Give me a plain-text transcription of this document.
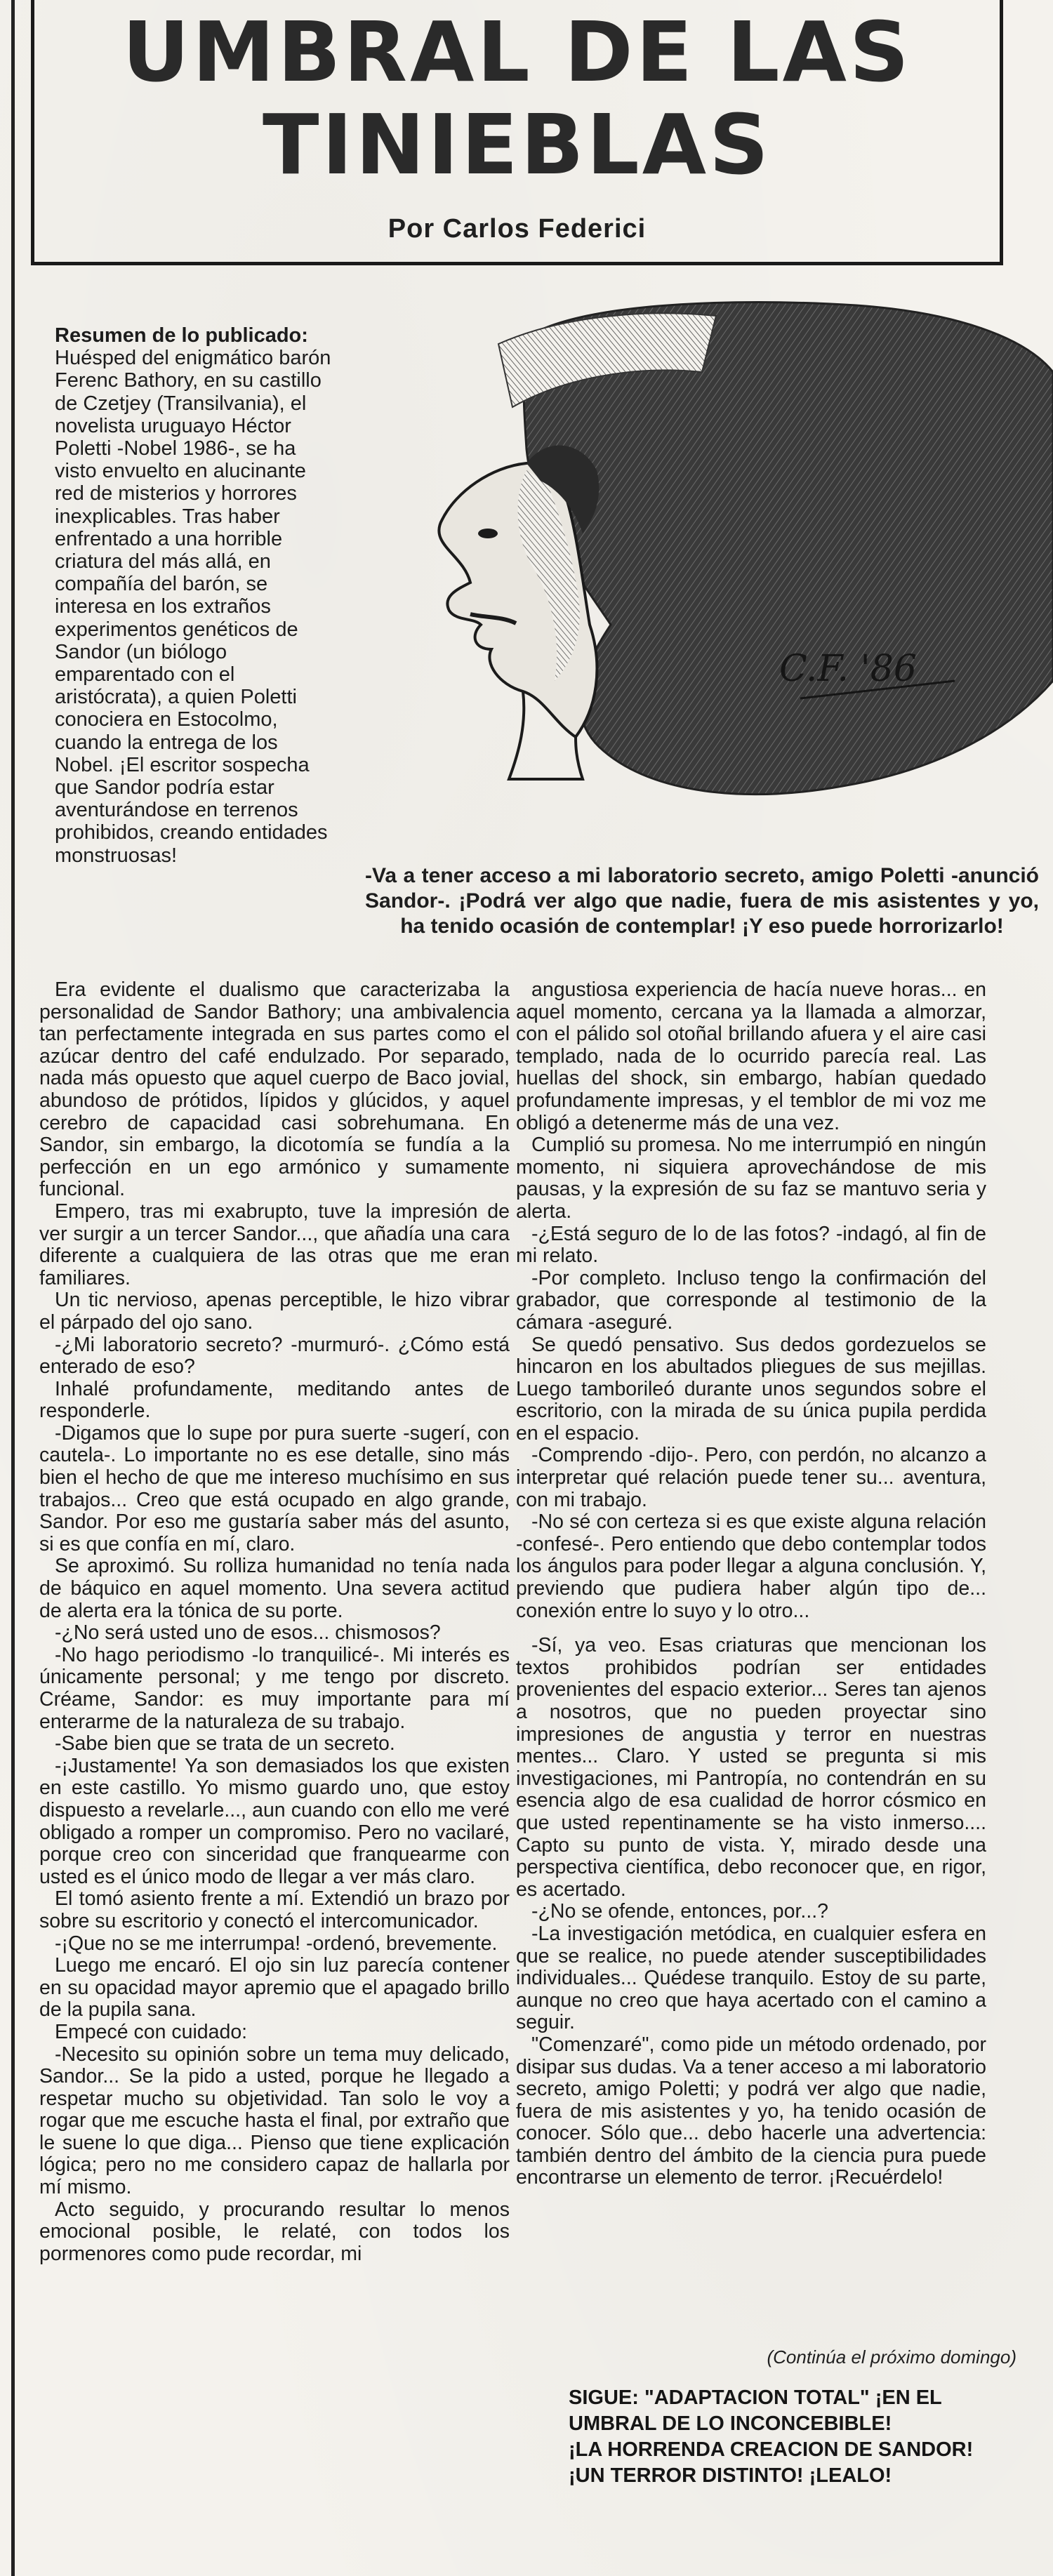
UMBRAL DE LAS TINIEBLAS

Por Carlos Federici

Resumen de lo publicado: Huésped del enigmático barón Ferenc Bathory, en su castillo de Czetjey (Transilvania), el novelista uruguayo Héctor Poletti -Nobel 1986-, se ha visto envuelto en alucinante red de misterios y horrores inexplicables. Tras haber enfrentado a una horrible criatura del más allá, en compañía del barón, se interesa en los extraños experimentos genéticos de Sandor (un biólogo emparentado con el aristócrata), a quien Poletti conociera en Estocolmo, cuando la entrega de los Nobel. ¡El escritor sospecha que Sandor podría estar aventurándose en terrenos prohibidos, creando entidades monstruosas!
C.F. '86
-Va a tener acceso a mi laboratorio secreto, amigo Poletti -anunció Sandor-. ¡Podrá ver algo que nadie, fuera de mis asistentes y yo, ha tenido ocasión de contemplar! ¡Y eso puede horrorizarlo!

Era evidente el dualismo que caracterizaba la personalidad de Sandor Bathory; una ambivalencia tan perfectamente integrada en sus partes como el azúcar dentro del café endulzado. Por separado, nada más opuesto que aquel cuerpo de Baco jovial, abundoso de prótidos, lípidos y glúcidos, y aquel cerebro de capacidad casi sobrehumana. En Sandor, sin embargo, la dicotomía se fundía a la perfección en un ego armónico y sumamente funcional.

Empero, tras mi exabrupto, tuve la impresión de ver surgir a un tercer Sandor..., que añadía una cara diferente a cualquiera de las otras que me eran familiares.

Un tic nervioso, apenas perceptible, le hizo vibrar el párpado del ojo sano.

-¿Mi laboratorio secreto? -murmuró-. ¿Cómo está enterado de eso?

Inhalé profundamente, meditando antes de responderle.

-Digamos que lo supe por pura suerte -sugerí, con cautela-. Lo importante no es ese detalle, sino más bien el hecho de que me intereso muchísimo en sus trabajos... Creo que está ocupado en algo grande, Sandor. Por eso me gustaría saber más del asunto, si es que confía en mí, claro.

Se aproximó. Su rolliza humanidad no tenía nada de báquico en aquel momento. Una severa actitud de alerta era la tónica de su porte.

-¿No será usted uno de esos... chismosos?

-No hago periodismo -lo tranquilicé-. Mi interés es únicamente personal; y me tengo por discreto. Créame, Sandor: es muy importante para mí enterarme de la naturaleza de su trabajo.

-Sabe bien que se trata de un secreto.

-¡Justamente! Ya son demasiados los que existen en este castillo. Yo mismo guardo uno, que estoy dispuesto a revelarle..., aun cuando con ello me veré obligado a romper un compromiso. Pero no vacilaré, porque creo con sinceridad que franquearme con usted es el único modo de llegar a ver más claro.

El tomó asiento frente a mí. Extendió un brazo por sobre su escritorio y conectó el intercomunicador.

-¡Que no se me interrumpa! -ordenó, brevemente.

Luego me encaró. El ojo sin luz parecía contener en su opacidad mayor apremio que el apagado brillo de la pupila sana.

Empecé con cuidado:

-Necesito su opinión sobre un tema muy delicado, Sandor... Se la pido a usted, porque he llegado a respetar mucho su objetividad. Tan solo le voy a rogar que me escuche hasta el final, por extraño que le suene lo que diga... Pienso que tiene explicación lógica; pero no me considero capaz de hallarla por mí mismo.

Acto seguido, y procurando resultar lo menos emocional posible, le relaté, con todos los pormenores como pude recordar, mi

angustiosa experiencia de hacía nueve horas... en aquel momento, cercana ya la llamada a almorzar, con el pálido sol otoñal brillando afuera y el aire casi templado, nada de lo ocurrido parecía real. Las huellas del shock, sin embargo, habían quedado profundamente impresas, y el temblor de mi voz me obligó a detenerme más de una vez.

Cumplió su promesa. No me interrumpió en ningún momento, ni siquiera aprovechándose de mis pausas, y la expresión de su faz se mantuvo seria y alerta.

-¿Está seguro de lo de las fotos? -indagó, al fin de mi relato.

-Por completo. Incluso tengo la confirmación del grabador, que corresponde al testimonio de la cámara -aseguré.

Se quedó pensativo. Sus dedos gordezuelos se hincaron en los abultados pliegues de sus mejillas. Luego tamborileó durante unos segundos sobre el escritorio, con la mirada de su única pupila perdida en el espacio.

-Comprendo -dijo-. Pero, con perdón, no alcanzo a interpretar qué relación puede tener su... aventura, con mi trabajo.

-No sé con certeza si es que existe alguna relación -confesé-. Pero entiendo que debo contemplar todos los ángulos para poder llegar a alguna conclusión. Y, previendo que pudiera haber algún tipo de... conexión entre lo suyo y lo otro...

-Sí, ya veo. Esas criaturas que mencionan los textos prohibidos podrían ser entidades provenientes del espacio exterior... Seres tan ajenos a nosotros, que no pueden proyectar sino impresiones de angustia y terror en nuestras mentes... Claro. Y usted se pregunta si mis investigaciones, mi Pantropía, no contendrán en su esencia algo de esa cualidad de horror cósmico en que usted repentinamente se ha visto inmerso.... Capto su punto de vista. Y, mirado desde una perspectiva científica, debo reconocer que, en rigor, es acertado.

-¿No se ofende, entonces, por...?

-La investigación metódica, en cualquier esfera en que se realice, no puede atender susceptibilidades individuales... Quédese tranquilo. Estoy de su parte, aunque no creo que haya acertado con el camino a seguir.

"Comenzaré", como pide un método ordenado, por disipar sus dudas. Va a tener acceso a mi laboratorio secreto, amigo Poletti; y podrá ver algo que nadie, fuera de mis asistentes y yo, ha tenido ocasión de conocer. Sólo que... debo hacerle una advertencia: también dentro del ámbito de la ciencia pura puede encontrarse un elemento de terror. ¡Recuérdelo!

(Continúa el próximo domingo)
SIGUE: "ADAPTACION TOTAL" ¡EN EL
UMBRAL DE LO INCONCEBIBLE!
¡LA HORRENDA CREACION DE SANDOR!
¡UN TERROR DISTINTO! ¡LEALO!
